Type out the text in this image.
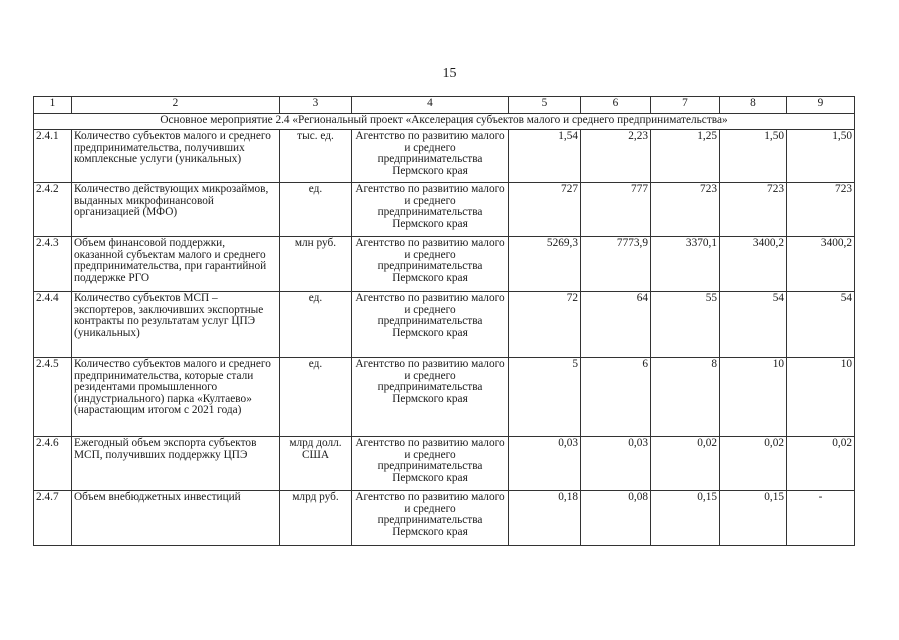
15
1	2	3	4	5	6	7	8	9
Основное мероприятие 2.4 «Региональный проект «Акселерация субъектов малого и среднего предпринимательства»								
2.4.1	Количество субъектов малого и среднего предпринимательства, получивших комплексные услуги (уникальных)	тыс. ед.	Агентство по развитию малого и среднего предпринимательства Пермского края	1,54	2,23	1,25	1,50	1,50
2.4.2	Количество действующих микрозаймов, выданных микрофинансовой организацией (МФО)	ед.	Агентство по развитию малого и среднего предпринимательства Пермского края	727	777	723	723	723
2.4.3	Объем финансовой поддержки, оказанной субъектам малого и среднего предпринимательства, при гарантийной поддержке РГО	млн руб.	Агентство по развитию малого и среднего предпринимательства Пермского края	5269,3	7773,9	3370,1	3400,2	3400,2
2.4.4	Количество субъектов МСП – экспортеров, заключивших экспортные контракты по результатам услуг ЦПЭ (уникальных)	ед.	Агентство по развитию малого и среднего предпринимательства Пермского края	72	64	55	54	54
2.4.5	Количество субъектов малого и среднего предпринимательства, которые стали резидентами промышленного (индустриального) парка «Култаево» (нарастающим итогом с 2021 года)	ед.	Агентство по развитию малого и среднего предпринимательства Пермского края	5	6	8	10	10
2.4.6	Ежегодный объем экспорта субъектов МСП, получивших поддержку ЦПЭ	млрд долл. США	Агентство по развитию малого и среднего предпринимательства Пермского края	0,03	0,03	0,02	0,02	0,02
2.4.7	Объем внебюджетных инвестиций	млрд руб.	Агентство по развитию малого и среднего предпринимательства Пермского края	0,18	0,08	0,15	0,15	-
